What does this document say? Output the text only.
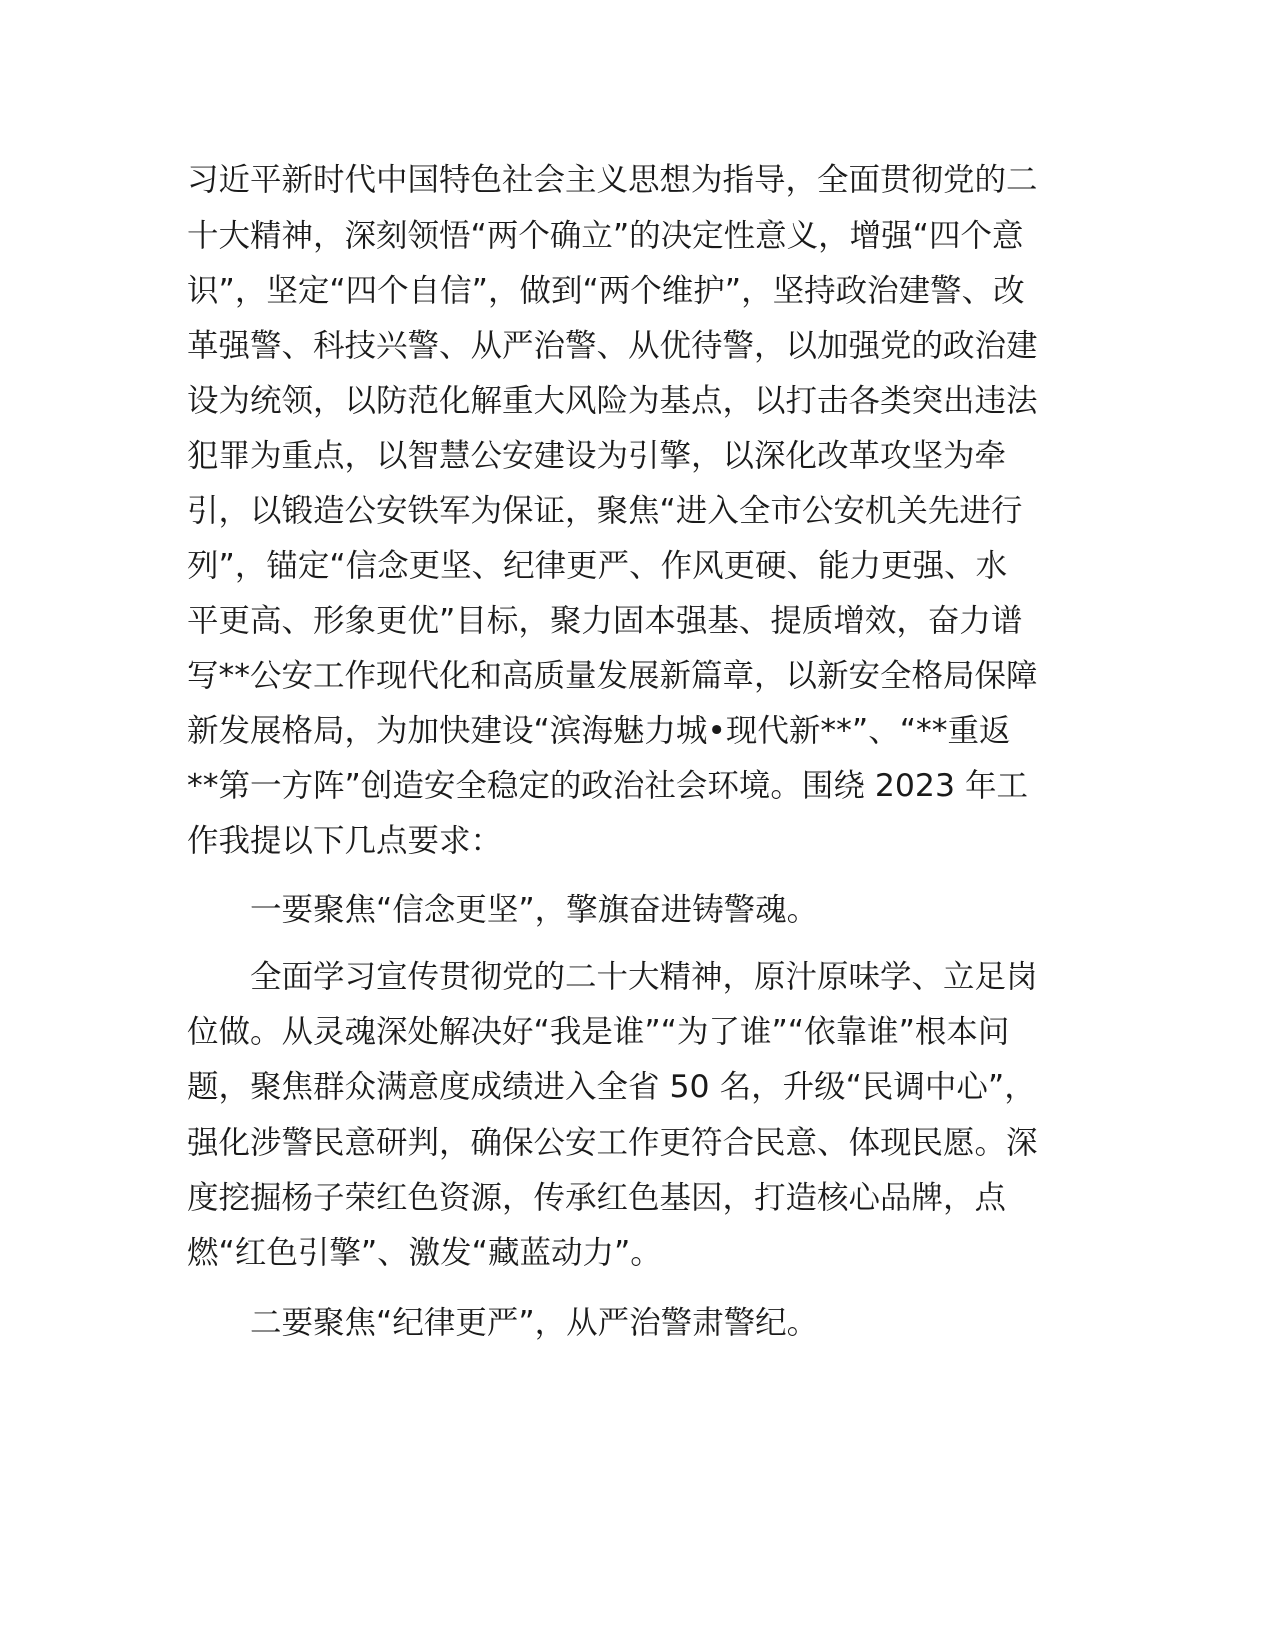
习近平新时代中国特色社会主义思想为指导，全面贯彻党的二
十大精神，深刻领悟“两个确立”的决定性意义，增强“四个意
识”，坚定“四个自信”，做到“两个维护”，坚持政治建警、改
革强警、科技兴警、从严治警、从优待警，以加强党的政治建
设为统领，以防范化解重大风险为基点，以打击各类突出违法
犯罪为重点，以智慧公安建设为引擎，以深化改革攻坚为牵
引，以锻造公安铁军为保证，聚焦“进入全市公安机关先进行
列”，锚定“信念更坚、纪律更严、作风更硬、能力更强、水
平更高、形象更优”目标，聚力固本强基、提质增效，奋力谱
写**公安工作现代化和高质量发展新篇章，以新安全格局保障
新发展格局，为加快建设“滨海魅力城•现代新**”、“**重返
**第一方阵”创造安全稳定的政治社会环境。围绕 2023 年工
作我提以下几点要求：
一要聚焦“信念更坚”，擎旗奋进铸警魂。
全面学习宣传贯彻党的二十大精神，原汁原味学、立足岗
位做。从灵魂深处解决好“我是谁”“为了谁”“依靠谁”根本问
题，聚焦群众满意度成绩进入全省 50 名，升级“民调中心”，
强化涉警民意研判，确保公安工作更符合民意、体现民愿。深
度挖掘杨子荣红色资源，传承红色基因，打造核心品牌，点
燃“红色引擎”、激发“藏蓝动力”。
二要聚焦“纪律更严”，从严治警肃警纪。
